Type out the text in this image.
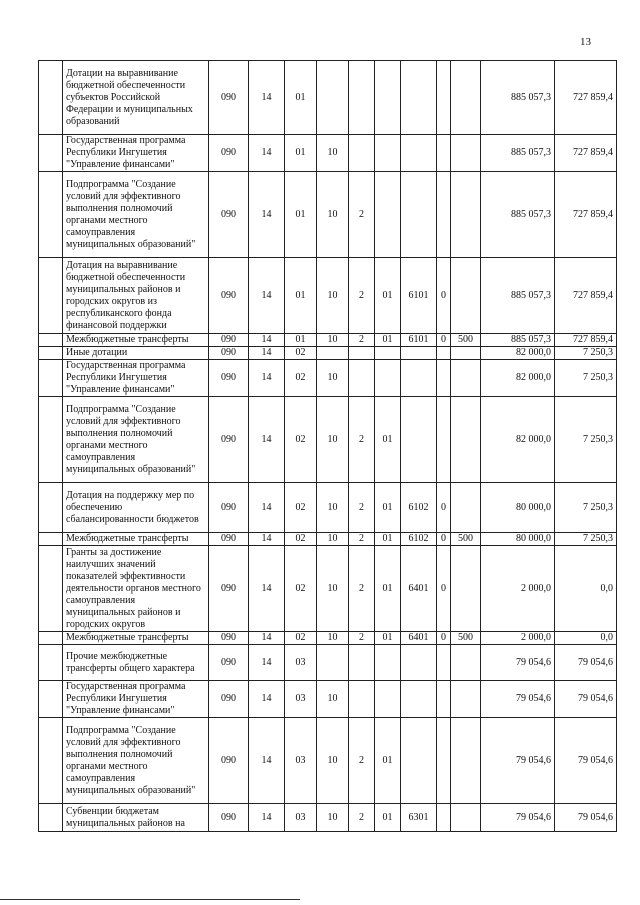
13
	Дотации на выравнивание бюджетной обеспеченности субъектов Российской Федерации и муниципальных образований	090	14	01							885 057,3	727 859,4
	Государственная программа Республики Ингушетия "Управление финансами"	090	14	01	10						885 057,3	727 859,4
	Подпрограмма "Создание условий для эффективного выполнения полномочий органами местного самоуправления муниципальных образований"	090	14	01	10	2					885 057,3	727 859,4
	Дотация на выравнивание бюджетной обеспеченности муниципальных районов и городских округов из республиканского фонда финансовой поддержки	090	14	01	10	2	01	6101	0		885 057,3	727 859,4
	Межбюджетные трансферты	090	14	01	10	2	01	6101	0	500	885 057,3	727 859,4
	Иные дотации	090	14	02							82 000,0	7 250,3
	Государственная программа Республики Ингушетия "Управление финансами"	090	14	02	10						82 000,0	7 250,3
	Подпрограмма "Создание условий для эффективного выполнения полномочий органами местного самоуправления муниципальных образований"	090	14	02	10	2	01				82 000,0	7 250,3
	Дотация на поддержку мер по обеспечению сбалансированности бюджетов	090	14	02	10	2	01	6102	0		80 000,0	7 250,3
	Межбюджетные трансферты	090	14	02	10	2	01	6102	0	500	80 000,0	7 250,3
	Гранты за достижение наилучших значений показателей эффективности деятельности органов местного самоуправления муниципальных районов и городских округов	090	14	02	10	2	01	6401	0		2 000,0	0,0
	Межбюджетные трансферты	090	14	02	10	2	01	6401	0	500	2 000,0	0,0
	Прочие межбюджетные трансферты общего характера	090	14	03							79 054,6	79 054,6
	Государственная программа Республики Ингушетия "Управление финансами"	090	14	03	10						79 054,6	79 054,6
	Подпрограмма "Создание условий для эффективного выполнения полномочий органами местного самоуправления муниципальных образований"	090	14	03	10	2	01				79 054,6	79 054,6
	Субвенции бюджетам муниципальных районов на	090	14	03	10	2	01	6301			79 054,6	79 054,6
